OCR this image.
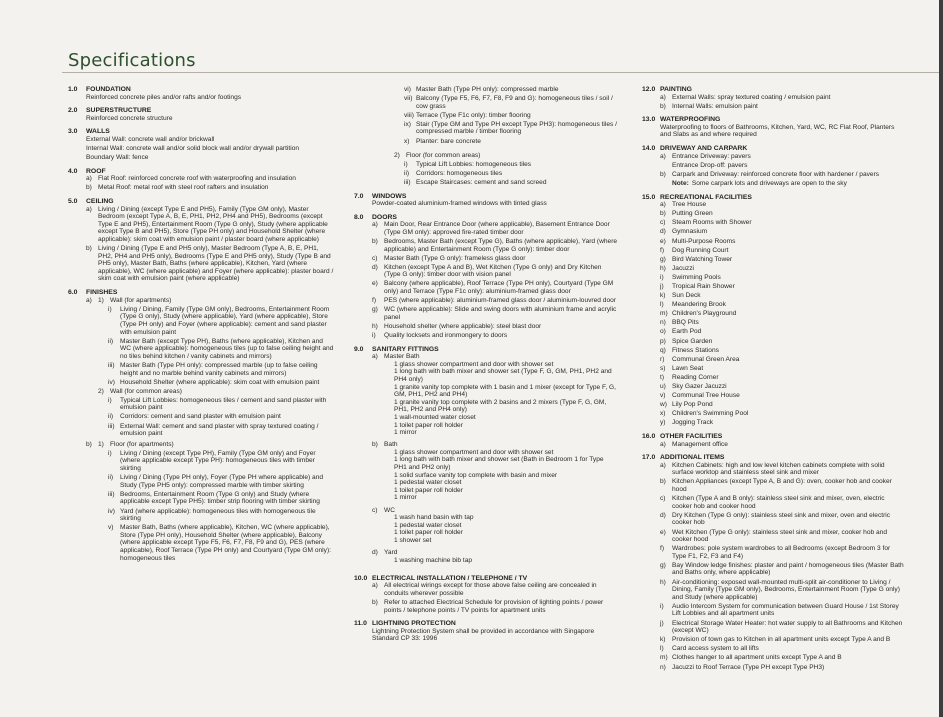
Specifications
1.0	FOUNDATION
Reinforced concrete piles and/or rafts and/or footings
2.0	SUPERSTRUCTURE
Reinforced concrete structure
3.0	WALLS
External Wall: concrete wall and/or brickwall
Internal Wall: concrete wall and/or solid block wall and/or drywall partition
Boundary Wall: fence
4.0	ROOF
a) Flat Roof: reinforced concrete roof with waterproofing and insulation
b) Metal Roof: metal roof with steel roof rafters and insulation
5.0	CEILING
a) Living / Dining (except Type E and PH5), Family (Type GM only), Master Bedroom (except Type A, B, E, PH1, PH2, PH4 and PH5), Bedrooms (except Type E and PH5), Entertainment Room (Type G only), Study (where applicable except Type B and PH5), Store (Type PH only) and Household Shelter (where applicable): skim coat with emulsion paint / plaster board (where applicable)
b) Living / Dining (Type E and PH5 only), Master Bedroom (Type A, B, E, PH1, PH2, PH4 and PH5 only), Bedrooms (Type E and PH5 only), Study (Type B and PH5 only), Master Bath, Baths (where applicable), Kitchen, Yard (where applicable), WC (where applicable) and Foyer (where applicable): plaster board / skim coat with emulsion paint (where applicable)
6.0	FINISHES
a) 1) Wall (for apartments)
i)	Living / Dining, Family (Type GM only), Bedrooms, Entertainment Room (Type G only), Study (where applicable), Yard (where applicable), Store (Type PH only) and Foyer (where applicable): cement and sand plaster with emulsion paint
ii)	Master Bath (except Type PH), Baths (where applicable), Kitchen and WC (where applicable): homogeneous tiles (up to false ceiling height and no tiles behind kitchen / vanity cabinets and mirrors)
iii) Master Bath (Type PH only): compressed marble (up to false ceiling height and no marble behind vanity cabinets and mirrors)
iv) Household Shelter (where applicable): skim coat with emulsion paint
2) Wall (for common areas)
i)	Typical Lift Lobbies: homogeneous tiles / cement and sand plaster with emulsion paint
ii)	Corridors: cement and sand plaster with emulsion paint
iii) External Wall: cement and sand plaster with spray textured coating / emulsion paint
b) 1) Floor (for apartments)
i)	Living / Dining (except Type PH), Family (Type GM only) and Foyer (where applicable except Type PH): homogeneous tiles with timber skirting
ii)	Living / Dining (Type PH only), Foyer (Type PH where applicable) and Study (Type PH5 only): compressed marble with timber skirting
iii) Bedrooms, Entertainment Room (Type G only) and Study (where applicable except Type PH5): timber strip flooring with timber skirting
iv) Yard (where applicable): homogeneous tiles with homogeneous tile skirting
v) Master Bath, Baths (where applicable), Kitchen, WC (where applicable), Store (Type PH only), Household Shelter (where applicable), Balcony (where applicable except Type F5, F6, F7, F8, F9 and G), PES (where applicable), Roof Terrace (Type PH only) and Courtyard (Type GM only): homogeneous tiles
vi) Master Bath (Type PH only): compressed marble
vii) Balcony (Type F5, F6, F7, F8, F9 and G): homogeneous tiles / soil / cow grass
viii) Terrace (Type F1c only): timber flooring
ix) Stair (Type GM and Type PH except Type PH3): homogeneous tiles / compressed marble / timber flooring
x) Planter: bare concrete
2) Floor (for common areas)
i)	Typical Lift Lobbies: homogeneous tiles
ii)	Corridors: homogeneous tiles
iii) Escape Staircases: cement and sand screed
7.0	WINDOWS
Powder-coated aluminium-framed windows with tinted glass
8.0	DOORS
a) Main Door, Rear Entrance Door (where applicable), Basement Entrance Door (Type GM only): approved fire-rated timber door
b) Bedrooms, Master Bath (except Type G), Baths (where applicable), Yard (where applicable) and Entertainment Room (Type G only): timber door
c) Master Bath (Type G only): frameless glass door
d) Kitchen (except Type A and B), Wet Kitchen (Type G only) and Dry Kitchen (Type G only): timber door with vision panel
e) Balcony (where applicable), Roof Terrace (Type PH only), Courtyard (Type GM only) and Terrace (Type F1c only): aluminium-framed glass door
f)	PES (where applicable): aluminium-framed glass door / aluminium-louvred door
g) WC (where applicable): Slide and swing doors with aluminium frame and acrylic panel
h) Household shelter (where applicable): steel blast door
i)	Quality locksets and ironmongery to doors
9.0	SANITARY FITTINGS
a) Master Bath
1 glass shower compartment and door with shower set
1 long bath with bath mixer and shower set (Type F, G, GM, PH1, PH2 and PH4 only)
1 granite vanity top complete with 1 basin and 1 mixer (except for Type F, G, GM, PH1, PH2 and PH4)
1 granite vanity top complete with 2 basins and 2 mixers (Type F, G, GM, PH1, PH2 and PH4 only)
1 wall-mounted water closet
1 toilet paper roll holder
1 mirror
b) Bath
1 glass shower compartment and door with shower set
1 long bath with bath mixer and shower set (Bath in Bedroom 1 for Type PH1 and PH2 only)
1 solid surface vanity top complete with basin and mixer
1 pedestal water closet
1 toilet paper roll holder
1 mirror
c) WC
1 wash hand basin with tap
1 pedestal water closet
1 toilet paper roll holder
1 shower set
d) Yard
1 washing machine bib tap
10.0 ELECTRICAL INSTALLATION / TELEPHONE / TV
a) All electrical wirings except for those above false ceiling are concealed in conduits wherever possible
b) Refer to attached Electrical Schedule for provision of lighting points / power points / telephone points / TV points for apartment units
11.0 LIGHTNING PROTECTION
Lightning Protection System shall be provided in accordance with Singapore Standard CP 33: 1996
12.0 PAINTING
a) External Walls: spray textured coating / emulsion paint
b) Internal Walls: emulsion paint
13.0 WATERPROOFING
Waterproofing to floors of Bathrooms, Kitchen, Yard, WC, RC Flat Roof, Planters and Slabs as and where required
14.0 DRIVEWAY AND CARPARK
a) Entrance Driveway: pavers
Entrance Drop-off: pavers
b) Carpark and Driveway: reinforced concrete floor with hardener / pavers
Note: Some carpark lots and driveways are open to the sky
15.0 RECREATIONAL FACILITIES
a) Tree House
b) Putting Green
c) Steam Rooms with Shower
d) Gymnasium
e) Multi-Purpose Rooms
f)	Dog Running Court
g) Bird Watching Tower
h) Jacuzzi
i)	Swimming Pools
j)	Tropical Rain Shower
k) Sun Deck
l)	Meandering Brook
m) Children's Playground
n) BBQ Pits
o) Earth Pod
p) Spice Garden
q) Fitness Stations
r)	Communal Green Area
s) Lawn Seat
t)	Reading Corner
u) Sky Gazer Jacuzzi
v) Communal Tree House
w) Lily Pop Pond
x) Children's Swimming Pool
y) Jogging Track
16.0 OTHER FACILITIES
a) Management office
17.0 ADDITIONAL ITEMS
a) Kitchen Cabinets: high and low level kitchen cabinets complete with solid surface worktop and stainless steel sink and mixer
b) Kitchen Appliances (except Type A, B and G): oven, cooker hob and cooker hood
c) Kitchen (Type A and B only): stainless steel sink and mixer, oven, electric cooker hob and cooker hood
d) Dry Kitchen (Type G only): stainless steel sink and mixer, oven and electric cooker hob
e) Wet Kitchen (Type G only): stainless steel sink and mixer, cooker hob and cooker hood
f)	Wardrobes: pole system wardrobes to all Bedrooms (except Bedroom 3 for Type F1, F2, F3 and F4)
g) Bay Window ledge finishes: plaster and paint / homogeneous tiles (Master Bath and Baths only, where applicable)
h) Air-conditioning: exposed wall-mounted multi-split air-conditioner to Living / Dining, Family (Type GM only), Bedrooms, Entertainment Room (Type G only) and Study (where applicable)
i)	Audio Intercom System for communication between Guard House / 1st Storey Lift Lobbies and all apartment units
j)	Electrical Storage Water Heater: hot water supply to all Bathrooms and Kitchen (except WC)
k) Provision of town gas to Kitchen in all apartment units except Type A and B
l)	Card access system to all lifts
m) Clothes hanger to all apartment units except Type A and B
n) Jacuzzi to Roof Terrace (Type PH except Type PH3)
